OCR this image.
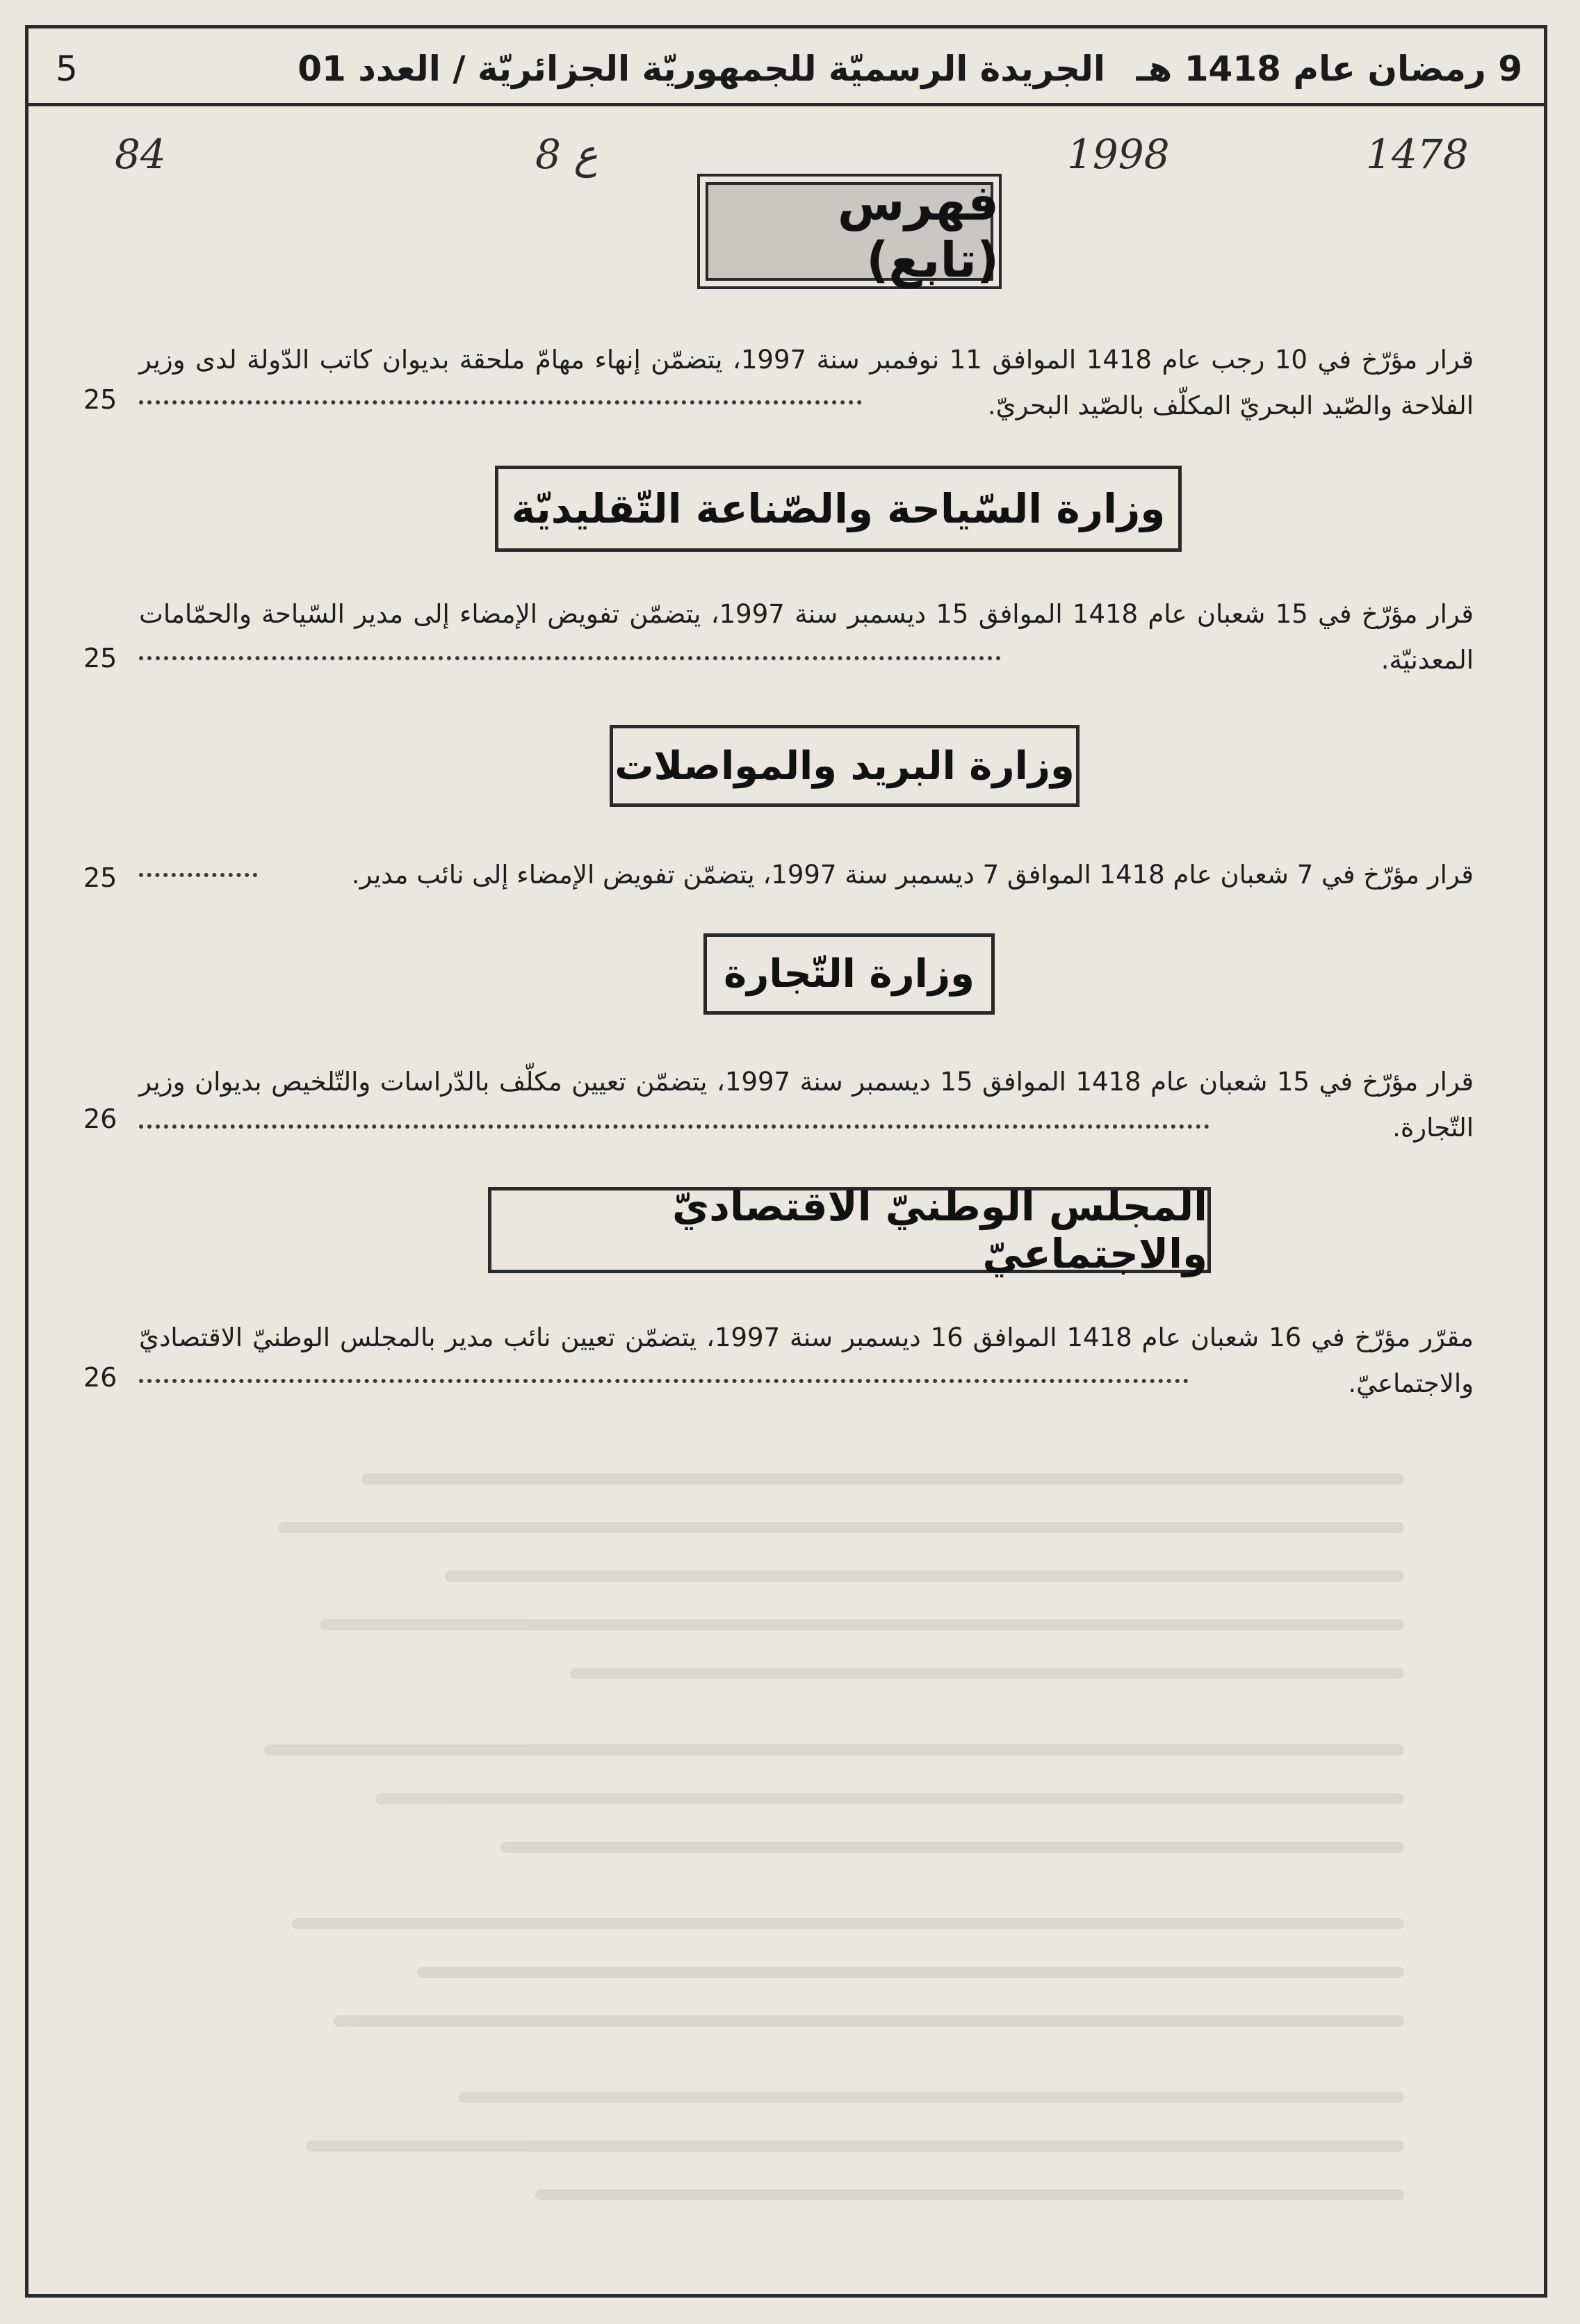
9 رمضان عام 1418 هـ
الجريدة الرسميّة للجمهوريّة الجزائريّة / العدد 01
5
1478
1998
8 ع
84
فهرس (تابع)
قرار مؤرّخ في 10 رجب عام 1418 الموافق 11 نوفمبر سنة 1997، يتضمّن إنهاء مهامّ ملحقة بديوان كاتب الدّولة لدى وزير الفلاحة والصّيد البحريّ المكلّف بالصّيد البحريّ.
25
وزارة السّياحة والصّناعة التّقليديّة
قرار مؤرّخ في 15 شعبان عام 1418 الموافق 15 ديسمبر سنة 1997، يتضمّن تفويض الإمضاء إلى مدير السّياحة والحمّامات المعدنيّة.
25
وزارة البريد والمواصلات
قرار مؤرّخ في 7 شعبان عام 1418 الموافق 7 ديسمبر سنة 1997، يتضمّن تفويض الإمضاء إلى نائب مدير.
25
وزارة التّجارة
قرار مؤرّخ في 15 شعبان عام 1418 الموافق 15 ديسمبر سنة 1997، يتضمّن تعيين مكلّف بالدّراسات والتّلخيص بديوان وزير التّجارة.
26
المجلس الوطنيّ الاقتصاديّ والاجتماعيّ
مقرّر مؤرّخ في 16 شعبان عام 1418 الموافق 16 ديسمبر سنة 1997، يتضمّن تعيين نائب مدير بالمجلس الوطنيّ الاقتصاديّ والاجتماعيّ.
26
